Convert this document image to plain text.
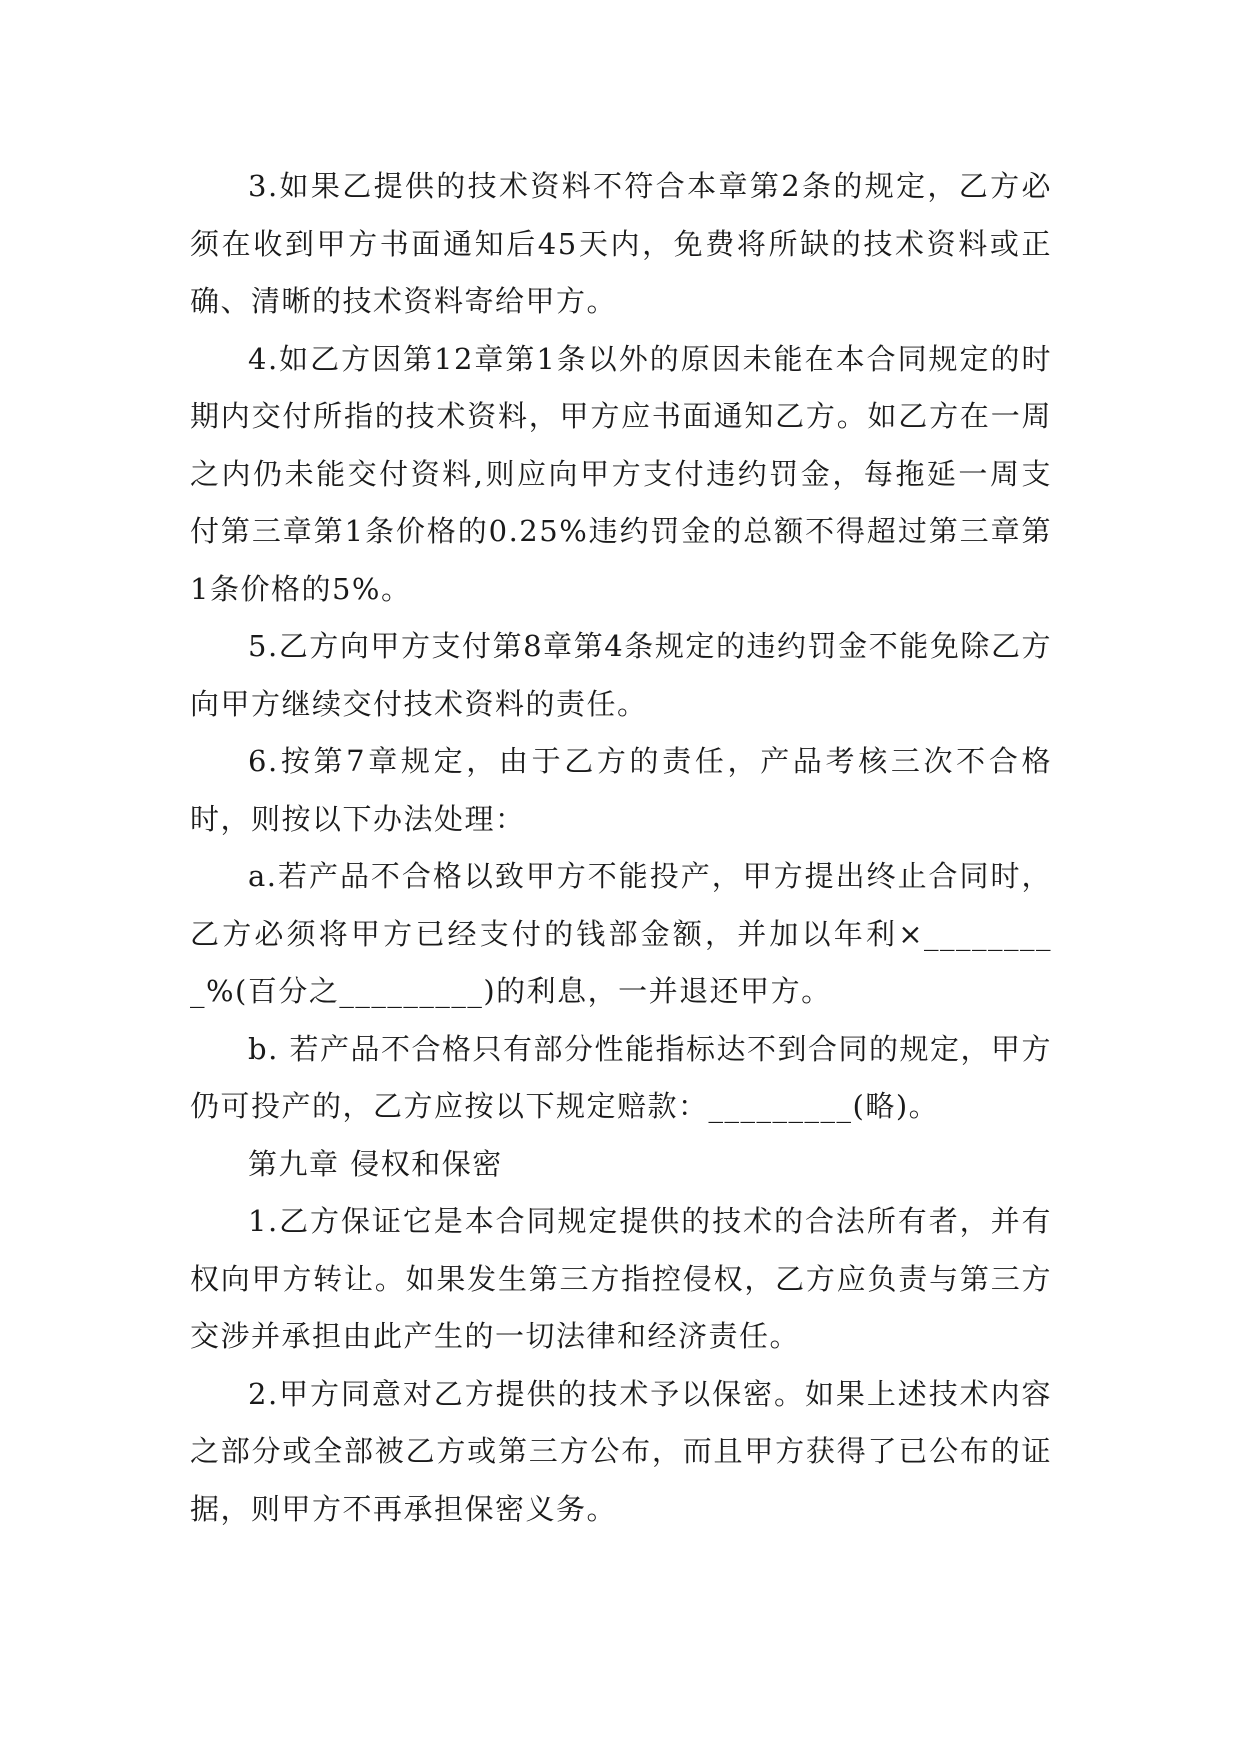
3.如果乙提供的技术资料不符合本章第2条的规定，乙方必须在收到甲方书面通知后45天内，免费将所缺的技术资料或正确、清晰的技术资料寄给甲方。

4.如乙方因第12章第1条以外的原因未能在本合同规定的时期内交付所指的技术资料，甲方应书面通知乙方。如乙方在一周之内仍未能交付资料,则应向甲方支付违约罚金，每拖延一周支付第三章第1条价格的0.25%违约罚金的总额不得超过第三章第1条价格的5%。

5.乙方向甲方支付第8章第4条规定的违约罚金不能免除乙方向甲方继续交付技术资料的责任。

6.按第7章规定，由于乙方的责任，产品考核三次不合格时，则按以下办法处理：

a.若产品不合格以致甲方不能投产，甲方提出终止合同时，乙方必须将甲方已经支付的钱部金额，并加以年利×_________%(百分之_________)的利息，一并退还甲方。

b. 若产品不合格只有部分性能指标达不到合同的规定，甲方仍可投产的，乙方应按以下规定赔款：_________(略)。

第九章 侵权和保密

1.乙方保证它是本合同规定提供的技术的合法所有者，并有权向甲方转让。如果发生第三方指控侵权，乙方应负责与第三方交涉并承担由此产生的一切法律和经济责任。

2.甲方同意对乙方提供的技术予以保密。如果上述技术内容之部分或全部被乙方或第三方公布，而且甲方获得了已公布的证据，则甲方不再承担保密义务。
